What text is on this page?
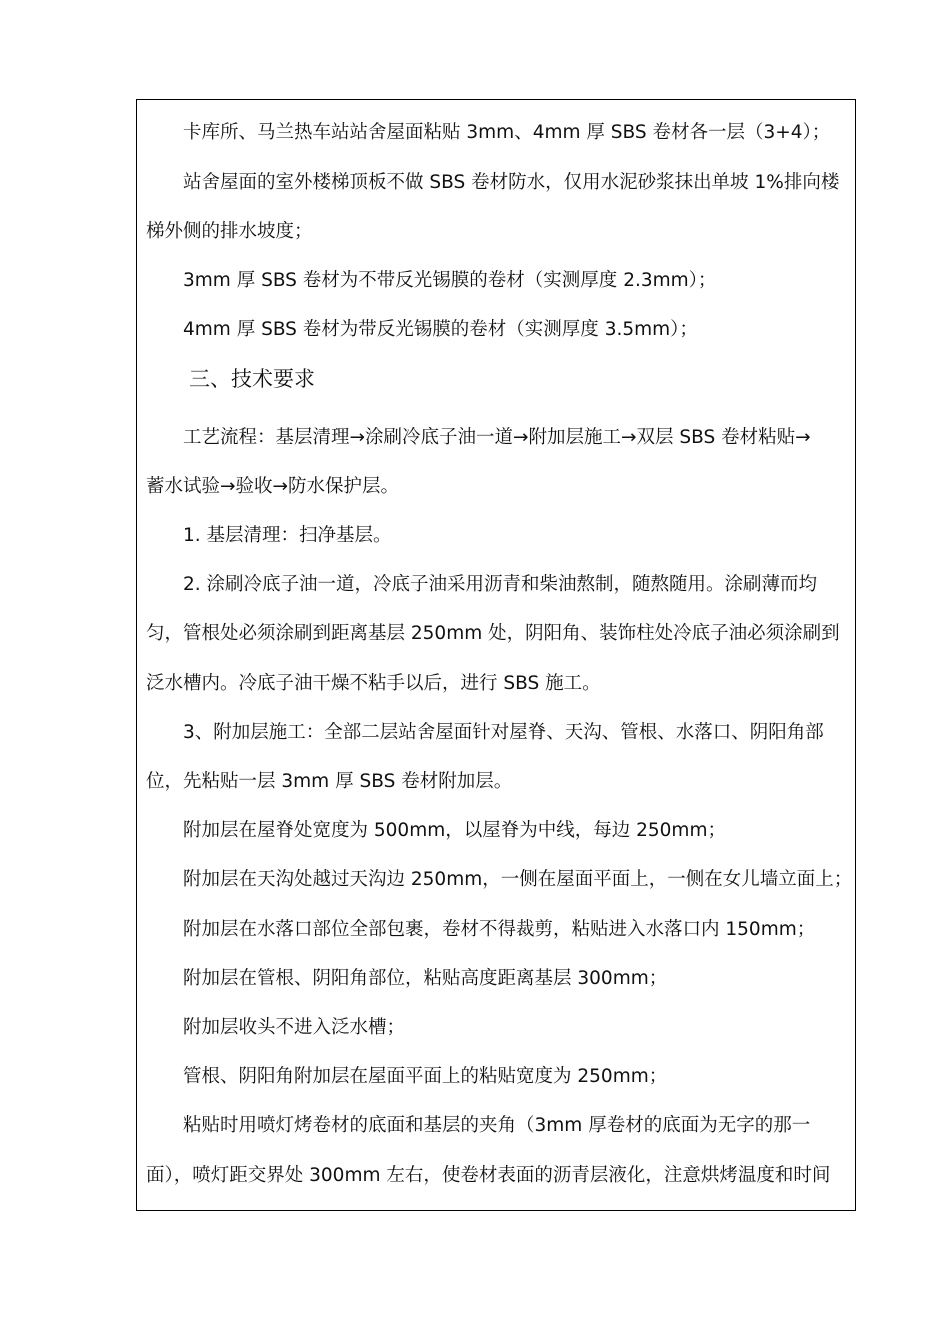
卡库所、马兰热车站站舍屋面粘贴 3mm、4mm 厚 SBS 卷材各一层（3+4）；
站舍屋面的室外楼梯顶板不做 SBS 卷材防水，仅用水泥砂浆抹出单坡 1%排向楼
梯外侧的排水坡度；
3mm 厚 SBS 卷材为不带反光锡膜的卷材（实测厚度 2.3mm）；
4mm 厚 SBS 卷材为带反光锡膜的卷材（实测厚度 3.5mm）；
三、技术要求
工艺流程：基层清理→涂刷冷底子油一道→附加层施工→双层 SBS 卷材粘贴→
蓄水试验→验收→防水保护层。
1. 基层清理：扫净基层。
2. 涂刷冷底子油一道，冷底子油采用沥青和柴油熬制，随熬随用。涂刷薄而均
匀，管根处必须涂刷到距离基层 250mm 处，阴阳角、装饰柱处冷底子油必须涂刷到
泛水槽内。冷底子油干燥不粘手以后，进行 SBS 施工。
3、附加层施工：全部二层站舍屋面针对屋脊、天沟、管根、水落口、阴阳角部
位，先粘贴一层 3mm 厚 SBS 卷材附加层。
附加层在屋脊处宽度为 500mm，以屋脊为中线，每边 250mm；
附加层在天沟处越过天沟边 250mm，一侧在屋面平面上，一侧在女儿墙立面上；
附加层在水落口部位全部包裹，卷材不得裁剪，粘贴进入水落口内 150mm；
附加层在管根、阴阳角部位，粘贴高度距离基层 300mm；
附加层收头不进入泛水槽；
管根、阴阳角附加层在屋面平面上的粘贴宽度为 250mm；
粘贴时用喷灯烤卷材的底面和基层的夹角（3mm 厚卷材的底面为无字的那一
面），喷灯距交界处 300mm 左右，使卷材表面的沥青层液化，注意烘烤温度和时间
